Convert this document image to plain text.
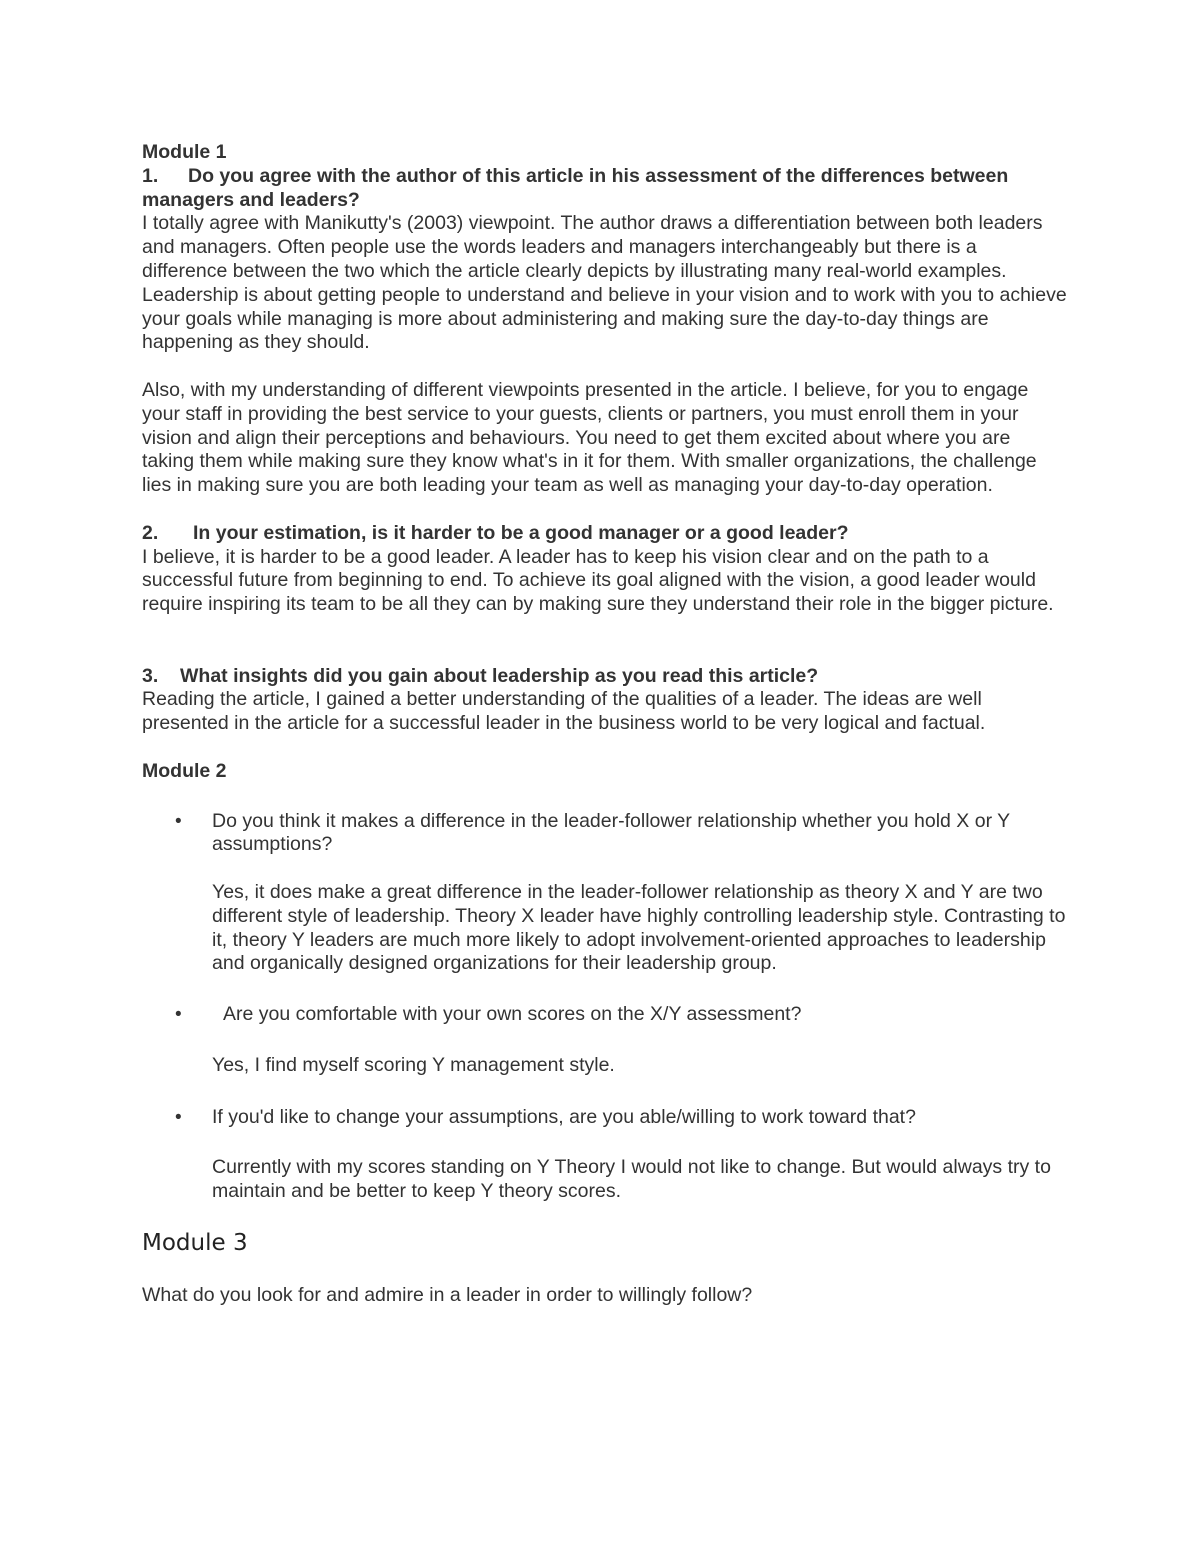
Module 1

1. Do you agree with the author of this article in his assessment of the differences between managers and leaders?

I totally agree with Manikutty's (2003) viewpoint. The author draws a differentiation between both leaders and managers. Often people use the words leaders and managers interchangeably but there is a difference between the two which the article clearly depicts by illustrating many real-world examples. Leadership is about getting people to understand and believe in your vision and to work with you to achieve your goals while managing is more about administering and making sure the day-to-day things are happening as they should.

Also, with my understanding of different viewpoints presented in the article. I believe, for you to engage your staff in providing the best service to your guests, clients or partners, you must enroll them in your vision and align their perceptions and behaviours. You need to get them excited about where you are taking them while making sure they know what's in it for them. With smaller organizations, the challenge lies in making sure you are both leading your team as well as managing your day-to-day operation.

2. In your estimation, is it harder to be a good manager or a good leader?

I believe, it is harder to be a good leader. A leader has to keep his vision clear and on the path to a successful future from beginning to end. To achieve its goal aligned with the vision, a good leader would require inspiring its team to be all they can by making sure they understand their role in the bigger picture.

3. What insights did you gain about leadership as you read this article?

Reading the article, I gained a better understanding of the qualities of a leader. The ideas are well presented in the article for a successful leader in the business world to be very logical and factual.

Module 2

• Do you think it makes a difference in the leader-follower relationship whether you hold X or Y assumptions?

Yes, it does make a great difference in the leader-follower relationship as theory X and Y are two different style of leadership. Theory X leader have highly controlling leadership style. Contrasting to it, theory Y leaders are much more likely to adopt involvement-oriented approaches to leadership and organically designed organizations for their leadership group.

• Are you comfortable with your own scores on the X/Y assessment?

Yes, I find myself scoring Y management style.

• If you'd like to change your assumptions, are you able/willing to work toward that?

Currently with my scores standing on Y Theory I would not like to change. But would always try to maintain and be better to keep Y theory scores.

Module 3

What do you look for and admire in a leader in order to willingly follow?
